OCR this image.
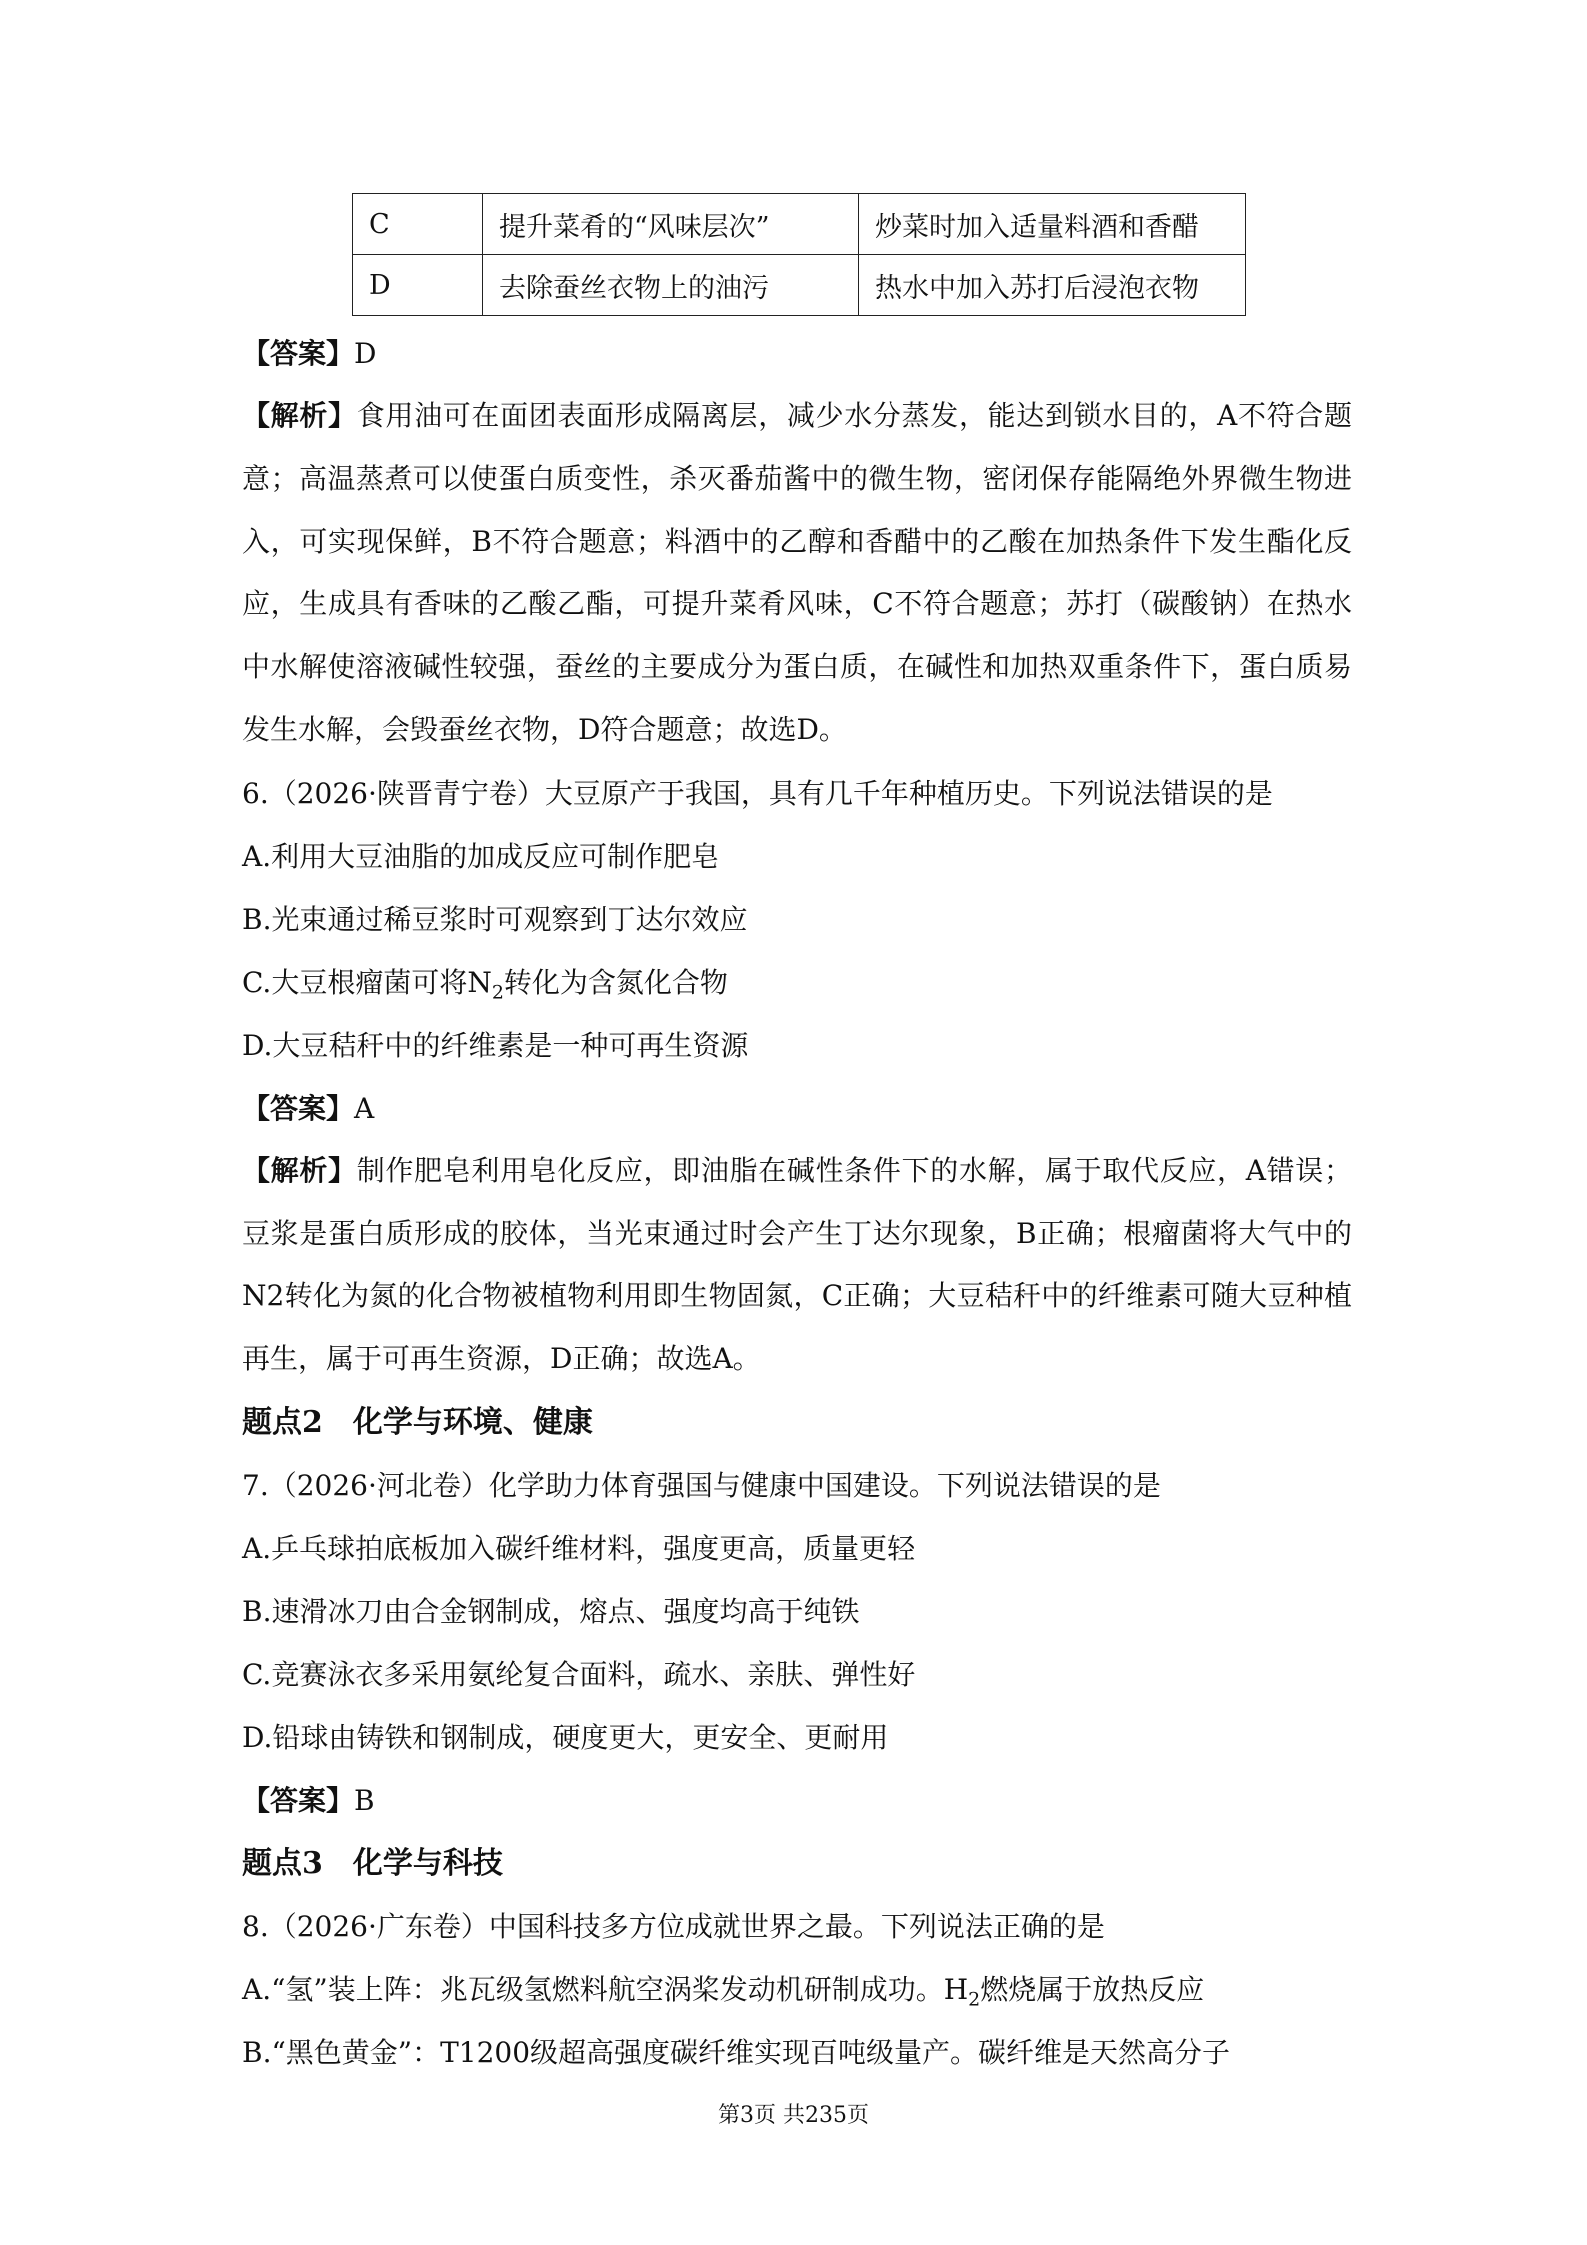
C	提升菜肴的“风味层次”	炒菜时加入适量料酒和香醋
D	去除蚕丝衣物上的油污	热水中加入苏打后浸泡衣物
【答案】D

【解析】食用油可在面团表面形成隔离层，减少水分蒸发，能达到锁水目的，A不符合题意；高温蒸煮可以使蛋白质变性，杀灭番茄酱中的微生物，密闭保存能隔绝外界微生物进入，可实现保鲜，B不符合题意；料酒中的乙醇和香醋中的乙酸在加热条件下发生酯化反应，生成具有香味的乙酸乙酯，可提升菜肴风味，C不符合题意；苏打（碳酸钠）在热水中水解使溶液碱性较强，蚕丝的主要成分为蛋白质，在碱性和加热双重条件下，蛋白质易发生水解，会毁蚕丝衣物，D符合题意；故选D。

6.（2026·陕晋青宁卷）大豆原产于我国，具有几千年种植历史。下列说法错误的是
A.利用大豆油脂的加成反应可制作肥皂
B.光束通过稀豆浆时可观察到丁达尔效应
C.大豆根瘤菌可将$N_2$转化为含氮化合物
D.大豆秸秆中的纤维素是一种可再生资源
【答案】A

【解析】制作肥皂利用皂化反应，即油脂在碱性条件下的水解，属于取代反应，A错误；豆浆是蛋白质形成的胶体，当光束通过时会产生丁达尔现象，B正确；根瘤菌将大气中的N2转化为氮的化合物被植物利用即生物固氮，C正确；大豆秸秆中的纤维素可随大豆种植再生，属于可再生资源，D正确；故选A。

题点2 化学与环境、健康
7.（2026·河北卷）化学助力体育强国与健康中国建设。下列说法错误的是
A.乒乓球拍底板加入碳纤维材料，强度更高，质量更轻
B.速滑冰刀由合金钢制成，熔点、强度均高于纯铁
C.竞赛泳衣多采用氨纶复合面料，疏水、亲肤、弹性好
D.铅球由铸铁和钢制成，硬度更大，更安全、更耐用
【答案】B
题点3 化学与科技
8.（2026·广东卷）中国科技多方位成就世界之最。下列说法正确的是
A.“氢”装上阵：兆瓦级氢燃料航空涡桨发动机研制成功。$H_2$燃烧属于放热反应
B.“黑色黄金”：T1200级超高强度碳纤维实现百吨级量产。碳纤维是天然高分子
第3页 共235页
